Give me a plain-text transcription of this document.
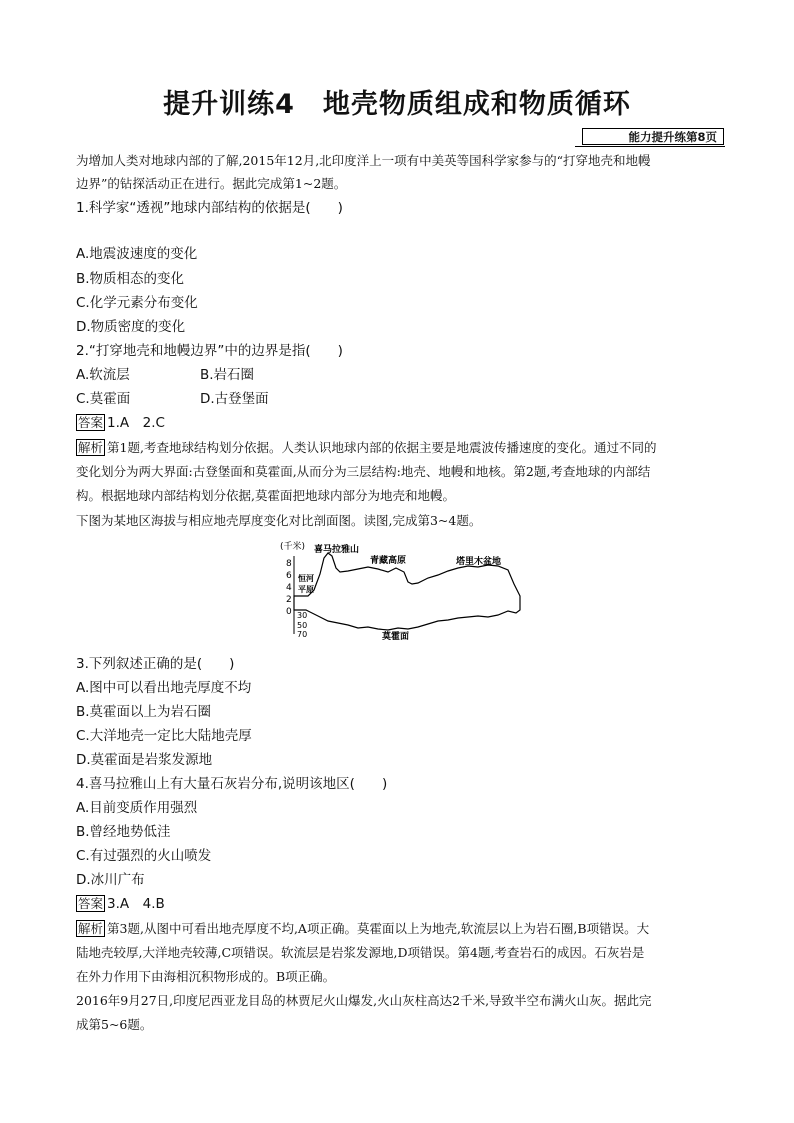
提升训练4　地壳物质组成和物质循环
能力提升练第8页
为增加人类对地球内部的了解,2015年12月,北印度洋上一项有中美英等国科学家参与的“打穿地壳和地幔
边界”的钻探活动正在进行。据此完成第1~2题。
1.科学家“透视”地球内部结构的依据是(　　)
A.地震波速度的变化
B.物质相态的变化
C.化学元素分布变化
D.物质密度的变化
2.“打穿地壳和地幔边界”中的边界是指(　　)
A.软流层	B.岩石圈
C.莫霍面	D.古登堡面
答案 1.A　2.C
解析 第1题,考查地球结构划分依据。人类认识地球内部的依据主要是地震波传播速度的变化。通过不同的
变化划分为两大界面:古登堡面和莫霍面,从而分为三层结构:地壳、地幔和地核。第2题,考查地球的内部结
构。根据地球内部结构划分依据,莫霍面把地球内部分为地壳和地幔。
下图为某地区海拔与相应地壳厚度变化对比剖面图。读图,完成第3~4题。
(千米)
8
6
4
2
0 30
50
70
喜马拉雅山
青藏高原	塔里木盆地
恒河
平原
莫霍面
3.下列叙述正确的是(　　)
A.图中可以看出地壳厚度不均
B.莫霍面以上为岩石圈
C.大洋地壳一定比大陆地壳厚
D.莫霍面是岩浆发源地
4.喜马拉雅山上有大量石灰岩分布,说明该地区(　　)
A.目前变质作用强烈
B.曾经地势低洼
C.有过强烈的火山喷发
D.冰川广布
答案 3.A　4.B
解析 第3题,从图中可看出地壳厚度不均,A项正确。莫霍面以上为地壳,软流层以上为岩石圈,B项错误。大
陆地壳较厚,大洋地壳较薄,C项错误。软流层是岩浆发源地,D项错误。第4题,考查岩石的成因。石灰岩是
在外力作用下由海相沉积物形成的。B项正确。
2016年9月27日,印度尼西亚龙目岛的林贾尼火山爆发,火山灰柱高达2千米,导致半空布满火山灰。据此完
成第5~6题。
